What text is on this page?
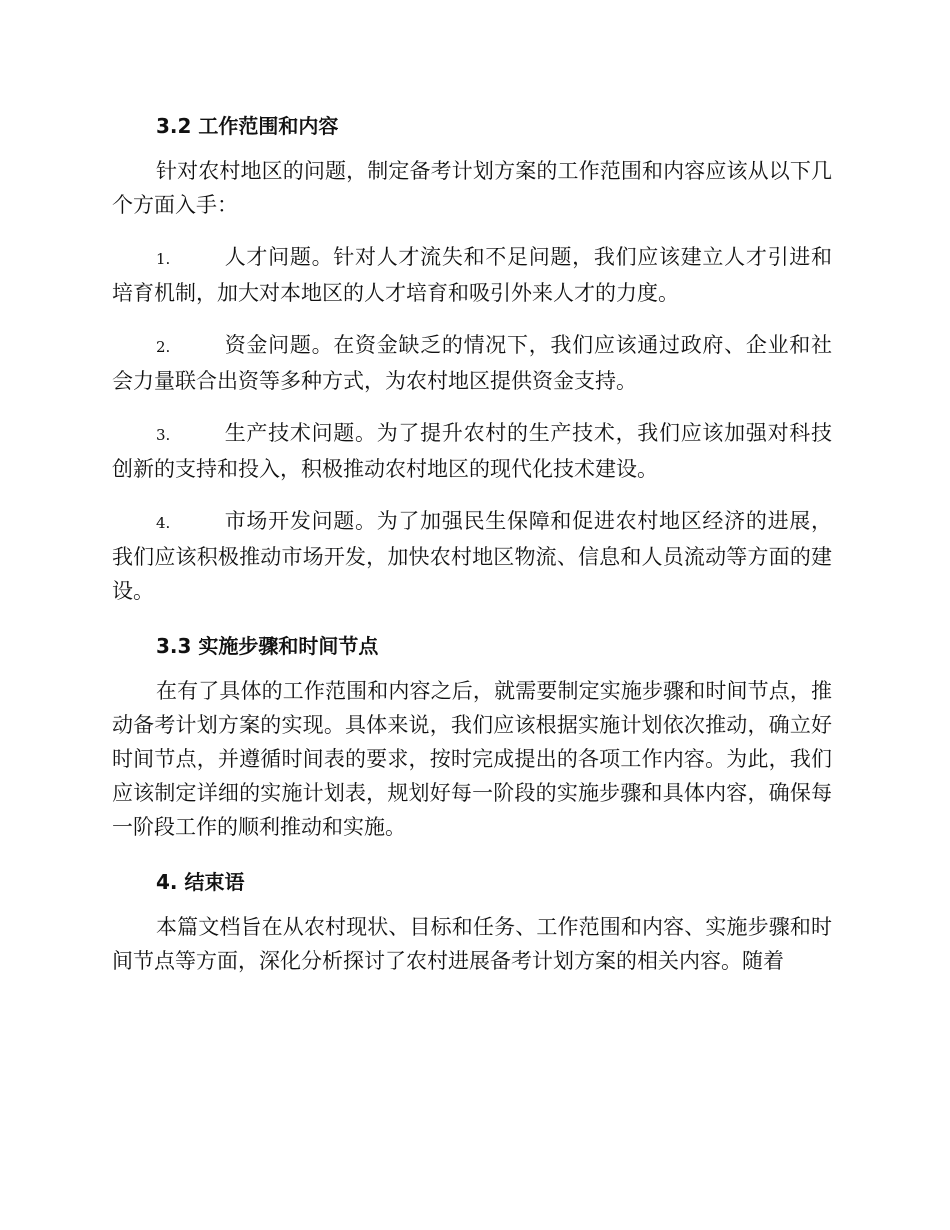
3.2 工作范围和内容

针对农村地区的问题，制定备考计划方案的工作范围和内容应该从以下几个方面入手：

1.	人才问题。针对人才流失和不足问题，我们应该建立人才引进和培育机制，加大对本地区的人才培育和吸引外来人才的力度。
2.	资金问题。在资金缺乏的情况下，我们应该通过政府、企业和社会力量联合出资等多种方式，为农村地区提供资金支持。
3.	生产技术问题。为了提升农村的生产技术，我们应该加强对科技创新的支持和投入，积极推动农村地区的现代化技术建设。
4.	市场开发问题。为了加强民生保障和促进农村地区经济的进展，我们应该积极推动市场开发，加快农村地区物流、信息和人员流动等方面的建设。
3.3 实施步骤和时间节点

在有了具体的工作范围和内容之后，就需要制定实施步骤和时间节点，推动备考计划方案的实现。具体来说，我们应该根据实施计划依次推动，确立好时间节点，并遵循时间表的要求，按时完成提出的各项工作内容。为此，我们应该制定详细的实施计划表，规划好每一阶段的实施步骤和具体内容，确保每一阶段工作的顺利推动和实施。

4. 结束语

本篇文档旨在从农村现状、目标和任务、工作范围和内容、实施步骤和时间节点等方面，深化分析探讨了农村进展备考计划方案的相关内容。随着
